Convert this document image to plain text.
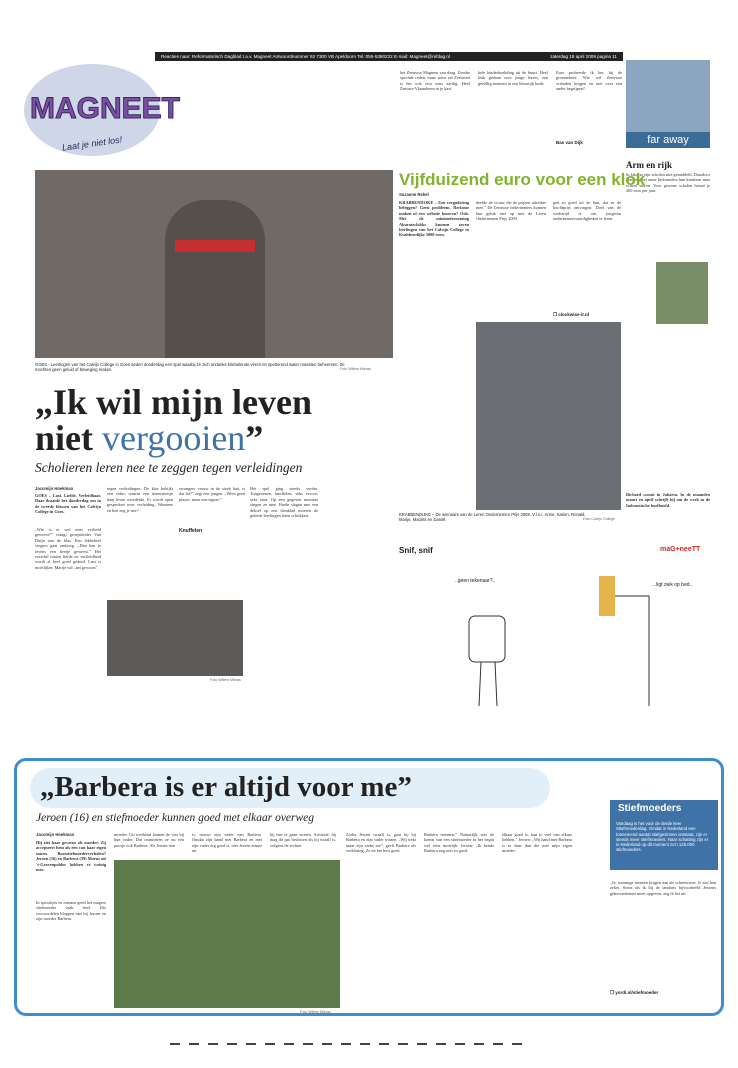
Reacties naar: Reformatorisch Dagblad t.a.v. Magneet Antwoordnummer 92 7300 VB Apeldoorn Tel.:055-5390222 E-mail: Magneet@refdag.nl	zaterdag 18 april 2009 pagina 11
MAGNEET
Laat je niet los!
het Zeeuwse Magneet van daag. Zonder speciale reden, maar soms zie Zeeuwen is het ook eest eens aardig. Heel Zeeuws-Vlaanderen in je kast.
hele kinderboekding uit de buurt. Heel leuk gedaan voor jonge lezers, een gezellig moment in een kleurrijk boek.
Euro probeerde ik het, bij de groenteboer. Wie wil Zeeuwse vrienden krijgen en niet over een ander begrijpen?
Bas van Dijk	far away
Arm en rijk
In Jakarta zijn scholen niet gemiddeld. Daardoor kennen veel arme Indonesiërs hun kinderen naar school sturen. Voor gewone scholen betaal je 200 euro per jaar.
Richard woont in Jakarta. In de maanden maart en april schrijft hij om de week in de Indonesische boefhoofd.
GOES - Leerlingen van het Calvijn College in Goes deden donderdag een spel waarbij ze zich ondanks kriebelende veren en spetterend water moesten beheersen. Ze mochten geen geluid of beweging maken.	Foto Willem Mieras
„Ik wil mijn leven
niet vergooien”
Scholieren leren nee te zeggen tegen verleidingen
Jacomijn Hoekman
GOES – Lust. Liefde. Verleidbaar. Daar draaide het donderdag om in de tweede klassen van het Calvijn College in Goes.
„Wie is er wel eens verliefd geweest?” vraagt groepsleider Van Duijn aan de klas. Een lekkebeel vingers gaat omhoog. „Dan ben je tevens een beetje geweest.” Het verschil tussen liefde en verliefdheid wordt al heel goed geduid. Lust is moeilijker. Marije wil „het gewoon”.
tegen verleidingen. De klas bekijkt een video waarin een tienermeisje haar leven overdenkt. Er wordt open gesproken over verleiding. Wanneer en hoe zeg je nee?
Foto Willem Mieras
zwangere vrouw in de steek laat, is dat laf?” zegt een jongen. „Wees geen player, maar een signer.”
Knuffelen
Het spel ging steeds verder. Tongzoenen, knuffelen, seks ervoor, seks erna. Op een gegeven moment zingen ze mee. Harde slagen met een deksel op een dienblad moeten de geleide leerlingen laten schrikken.
Vijfduizend euro voor een klok
Suzanne Rebel
KRABBENDIJKE – Een vergadering beleggen? Geen probleem. Reclame maken of een website bouwen? Ook. Met de minionderneming Akurateclokks kunnen zeven leerlingen van het Calvijn College in Krabbendijke 5000 euro.
deelde de vrouw die de prijzen uitreikte mee.” De Zeeuwse ondernemers kunnen hun geluk niet op met de Leren Ondernemen Prijs 2009.
gen zo goed uit de hun, dat ze de hoofdprijs ontvingen. Doel van de wedstrijd is om jongeren ondernemersvaardigheden te leren.
❐ clockwise-it.nl
KRABBENDIJKE – De winnaars van de Leren Ondernemen Prijs 2009. V.l.n.r. Anne, Sarien, Ronald, Marije, Maurits en Daniël.	Foto Calvijn College
Snif, snif	maG+neeTT
..geen tekenaar?..
...ligt ziek op bed..
„Barbera is er altijd voor me”
Jeroen (16) en stiefmoeder kunnen goed met elkaar overweg
Jacomijn Hoekman
Hij ziet haar gewoon als moeder. Zij accepteert hem als een van haar eigen zonen. Boosstiefmoederverhalen? Jeroen (16) en Barbera (39) Moens uit 's-Gravenpolder hebben er weinig mee.
In sprookjes en romans geeft het magere stiefmoeder vaak leed. Die vooroordelen kloppen niet bij Jeroen en zijn moeder Barbera.
moeder. Uit weekend komen de vier bij hun vader. Dat ontmoeten ze nu een poosje ook Barbera. Als Jeroen tien
is, trouwt zijn vader met Barbera. Omdat zijn band met Barbera en met zijn vader erg goed is, niet Jeroen ermee uit
bij hen te gaan wonen. Achteraf; hij mag dit pas beslissen als hij twaalf is, volgens de rechter.
Foto Willem Mieras
Zodra Jeroen twaalf is, gaat hij bij Barbera en zijn vader wonen. „Wij trekt maar zijn vader toe”, geeft Barbera als verklaring. Ze zit het best goed.
Barbera noemen.” Natuurlijk was de komst van een stiefmoeder in het begin wel eens moeilijk. Jeroen: „Ik kende Barbera nog niet zo goed.
elkaar goed is, kun je veel van elkaar hebben.” Jeroen: „Wij hand met Barbera is er daar dan die met mijn eigen moeder.
„Je, sommige mensen krijgen aan als schreeuwen. Je ziet hen zeker. Soms als ik bij de tandarts bijvoorbeeld Jeroens geboortedatum moet opgeven, zeg ik het uit.
Stiefmoeders
Vandaag is het voor de derde keer Stiefmoederdag. Omdat in Nederland een toenemend aantal stiefgezinnen ontstaat, zijn er steeds meer stiefmoeders. Naar schatting zijn er in Nederland op dit moment zo'n 125.000 stiefmoeders.
❐ yordi.nl/stiefmoeder
